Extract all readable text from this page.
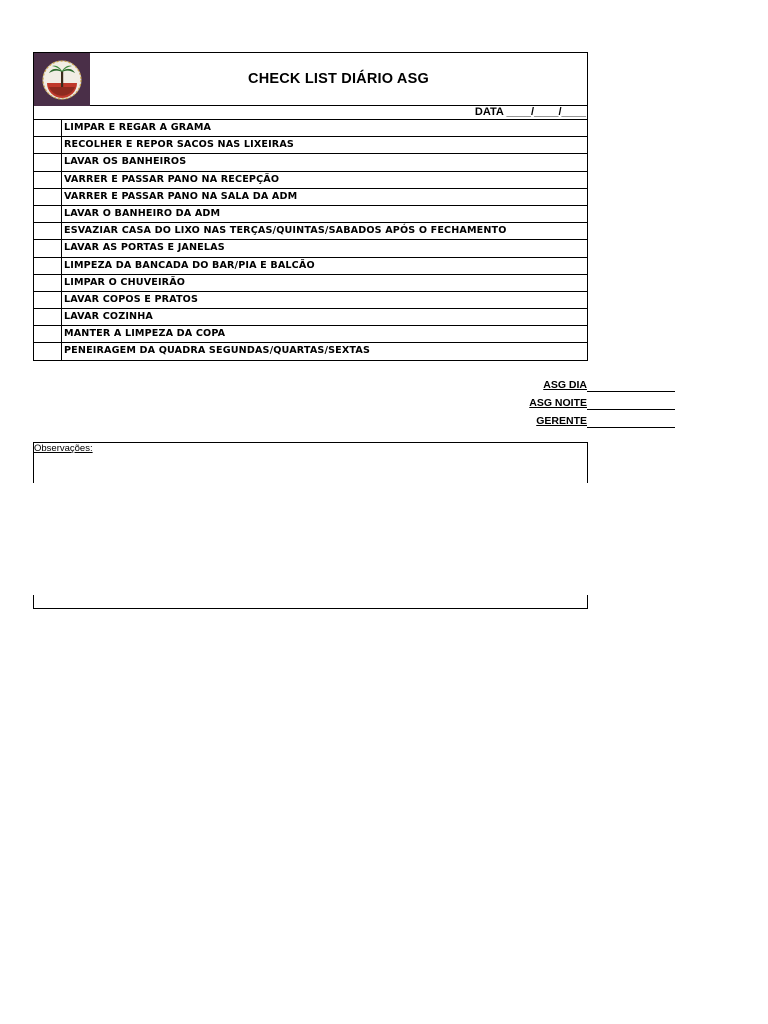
CHECK LIST DIÁRIO ASG
DATA ____/____/____
LIMPAR E REGAR A GRAMA
RECOLHER E REPOR SACOS NAS LIXEIRAS
LAVAR OS BANHEIROS
VARRER E PASSAR PANO NA RECEPÇÃO
VARRER E PASSAR PANO NA SALA DA ADM
LAVAR O BANHEIRO DA ADM
ESVAZIAR CASA DO LIXO NAS TERÇAS/QUINTAS/SABADOS APÓS O FECHAMENTO
LAVAR AS PORTAS E JANELAS
LIMPEZA DA BANCADA DO BAR/PIA E BALCÃO
LIMPAR O CHUVEIRÃO
LAVAR COPOS E PRATOS
LAVAR COZINHA
MANTER A LIMPEZA DA COPA
PENEIRAGEM DA QUADRA SEGUNDAS/QUARTAS/SEXTAS
ASG DIA
ASG NOITE
GERENTE
Observações:
